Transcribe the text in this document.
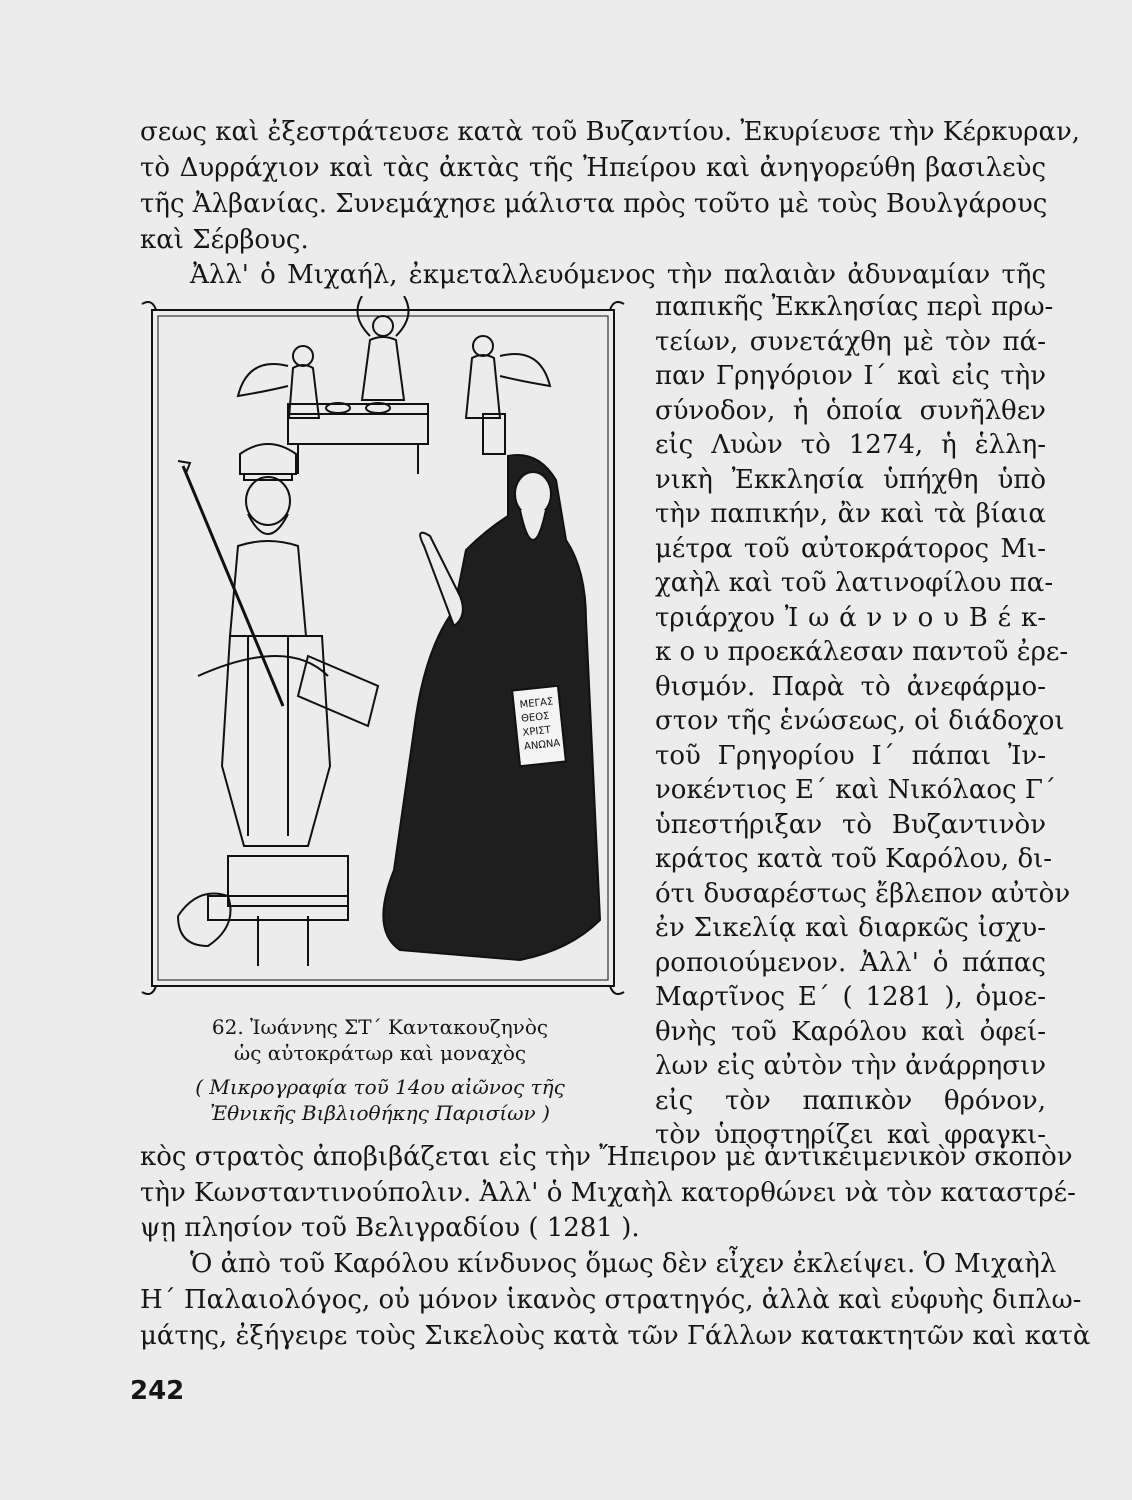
σεως καὶ ἐξεστράτευσε κατὰ τοῦ Βυζαντίου. Ἐκυρίευσε τὴν Κέρκυραν,
τὸ Δυρράχιον καὶ τὰς ἀκτὰς τῆς Ἠπείρου καὶ ἀνηγορεύθη βασιλεὺς
τῆς Ἀλβανίας. Συνεμάχησε μάλιστα πρὸς τοῦτο μὲ τοὺς Βουλγάρους
καὶ Σέρβους.
Ἀλλ' ὁ Μιχαήλ, ἐκμεταλλευόμενος τὴν παλαιὰν ἀδυναμίαν τῆς
παπικῆς Ἐκκλησίας περὶ πρω-
τείων, συνετάχθη μὲ τὸν πά-
παν Γρηγόριον Ι΄ καὶ εἰς τὴν
σύνοδον, ἡ ὁποία συνῆλθεν
εἰς Λυὼν τὸ 1274, ἡ ἑλλη-
νικὴ Ἐκκλησία ὑπήχθη ὑπὸ
τὴν παπικήν, ἂν καὶ τὰ βίαια
μέτρα τοῦ αὐτοκράτορος Μι-
χαὴλ καὶ τοῦ λατινοφίλου πα-
τριάρχου Ἰ ω ά ν ν ο υ Β έ κ-
κ ο υ προεκάλεσαν παντοῦ ἐρε-
θισμόν. Παρὰ τὸ ἀνεφάρμο-
στον τῆς ἑνώσεως, οἱ διάδοχοι
τοῦ Γρηγορίου Ι΄ πάπαι Ἰν-
νοκέντιος Ε΄ καὶ Νικόλαος Γ΄
ὑπεστήριξαν τὸ Βυζαντινὸν
κράτος κατὰ τοῦ Καρόλου, δι-
ότι δυσαρέστως ἔβλεπον αὐτὸν
ἐν Σικελίᾳ καὶ διαρκῶς ἰσχυ-
ροποιούμενον. Ἀλλ' ὁ πάπας
Μαρτῖνος Ε΄ ( 1281 ), ὁμοε-
θνὴς τοῦ Καρόλου καὶ ὀφεί-
λων εἰς αὐτὸν τὴν ἀνάρρησιν
εἰς τὸν παπικὸν θρόνον,
τὸν ὑποστηρίζει καὶ φραγκι-
ΜΕΓΑΣ
ΘΕΟΣ
ΧΡΙΣΤ
ΑΝΩΝΑ
62. Ἰωάννης ΣΤ΄ Καντακουζηνὸς
ὡς αὐτοκράτωρ καὶ μοναχὸς
( Μικρογραφία τοῦ 14ου αἰῶνος τῆς
Ἐθνικῆς Βιβλιοθήκης Παρισίων )
κὸς στρατὸς ἀποβιβάζεται εἰς τὴν Ἤπειρον μὲ ἀντικειμενικὸν σκοπὸν
τὴν Κωνσταντινούπολιν. Ἀλλ' ὁ Μιχαὴλ κατορθώνει νὰ τὸν καταστρέ-
ψῃ πλησίον τοῦ Βελιγραδίου ( 1281 ).
Ὁ ἀπὸ τοῦ Καρόλου κίνδυνος ὅμως δὲν εἶχεν ἐκλείψει. Ὁ Μιχαὴλ
Η΄ Παλαιολόγος, οὐ μόνον ἱκανὸς στρατηγός, ἀλλὰ καὶ εὐφυὴς διπλω-
μάτης, ἐξήγειρε τοὺς Σικελοὺς κατὰ τῶν Γάλλων κατακτητῶν καὶ κατὰ
242
